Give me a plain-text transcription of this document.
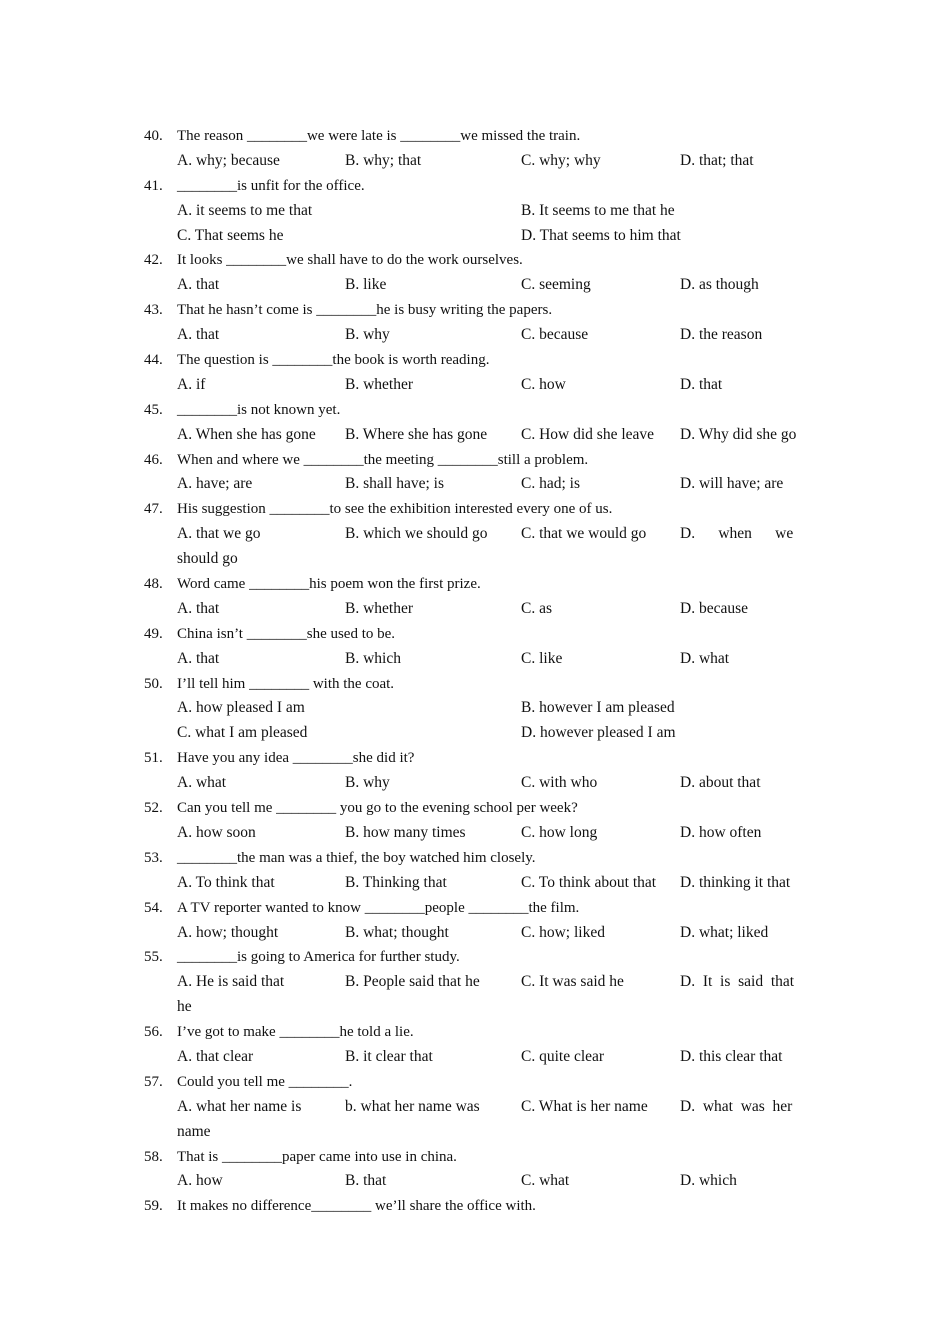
40. The reason ________we were late is ________we missed the train.
A. why; because	B. why; that	C. why; why	D. that; that
41. ________is unfit for the office.
A. it seems to me that	B. It seems to me that he
C. That seems he	D. That seems to him that
42. It looks ________we shall have to do the work ourselves.
A. that	B. like	C. seeming	D. as though
43. That he hasn’t come is ________he is busy writing the papers.
A. that	B. why	C. because	D. the reason
44. The question is ________the book is worth reading.
A. if	B. whether	C. how	D. that
45. ________is not known yet.
A. When she has gone B. Where she has gone C. How did she leave D. Why did she go
46. When and where we ________the meeting ________still a problem.
A. have; are	B. shall have; is	C. had; is	D. will have; are
47. His suggestion ________to see the exhibition interested every one of us.
A. that we go	B. which we should go C. that we would go D.      when      we
should go
48. Word came ________his poem won the first prize.
A. that	B. whether	C. as	D. because
49. China isn’t ________she used to be.
A. that	B. which	C. like	D. what
50. I’ll tell him ________ with the coat.
A. how pleased I am	B. however I am pleased
C. what I am pleased	D. however pleased I am
51. Have you any idea ________she did it?
A. what	B. why	C. with who	D. about that
52. Can you tell me ________ you go to the evening school per week?
A. how soon	B. how many times	C. how long	D. how often
53. ________the man was a thief, the boy watched him closely.
A. To think that	B. Thinking that	C. To think about that D. thinking it that
54. A TV reporter wanted to know ________people ________the film.
A. how; thought	B. what; thought	C. how; liked	D. what; liked
55. ________is going to America for further study.
A. He is said that	B. People said that he	C. It was said he	D.  It  is  said  that
he
56. I’ve got to make ________he told a lie.
A. that clear	B. it clear that	C. quite clear	D. this clear that
57. Could you tell me ________.
A. what her name is	b. what her name was	C. What is her name D.  what  was  her
name
58. That is ________paper came into use in china.
A. how	B. that	C. what	D. which
59. It makes no difference________ we’ll share the office with.
